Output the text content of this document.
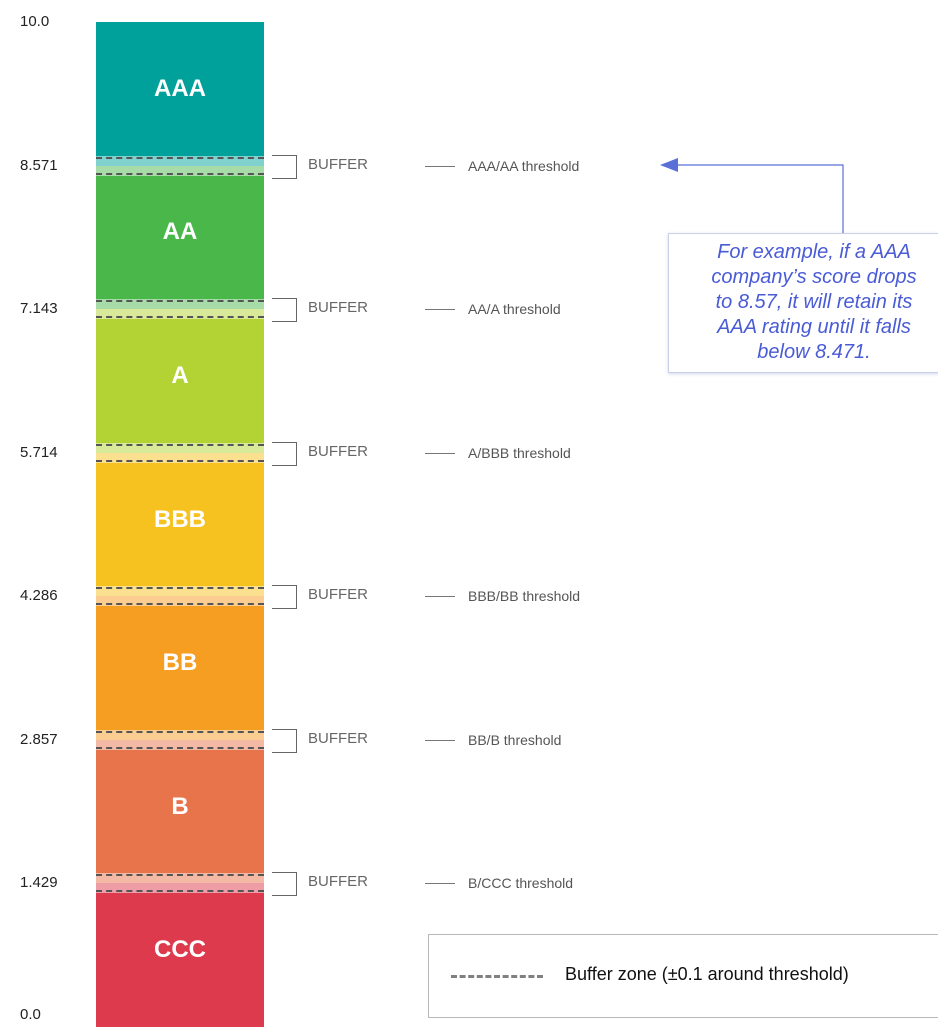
10.0
8.571
7.143
5.714
4.286
2.857
1.429
0.0
AAA
AA
A
BBB
BB
B
CCC
BUFFER	AAA/AA threshold
BUFFER	AA/A threshold
BUFFER	A/BBB threshold
BUFFER	BBB/BB threshold
BUFFER	BB/B threshold
BUFFER	B/CCC threshold
For example, if a AAA
company’s score drops
to 8.57, it will retain its
AAA rating until it falls
below 8.471.
Buffer zone (±0.1 around threshold)
